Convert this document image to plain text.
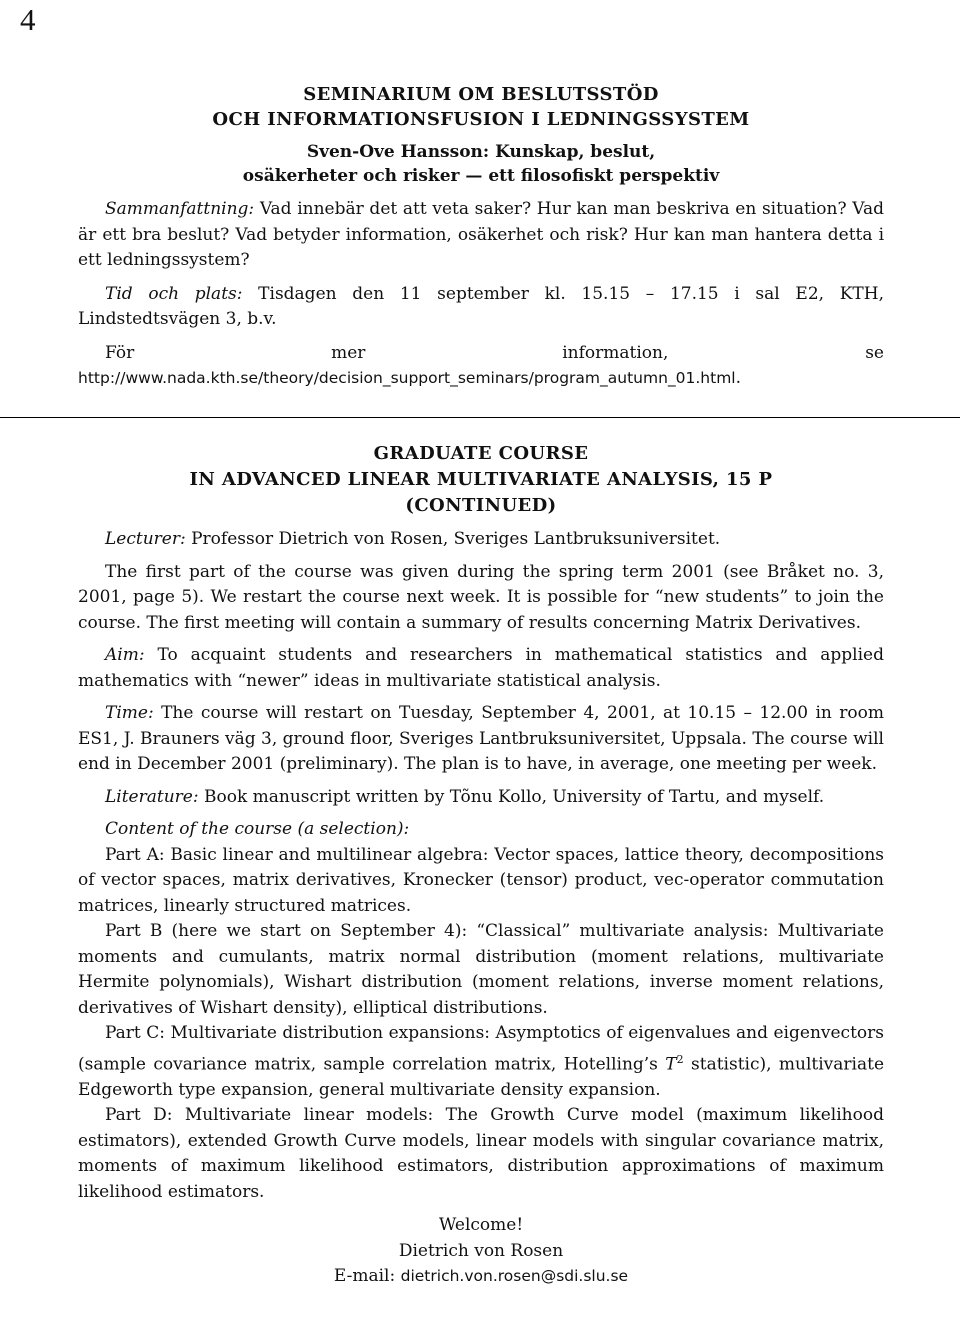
4
SEMINARIUM OM BESLUTSSTÖD
OCH INFORMATIONSFUSION I LEDNINGSSYSTEM
Sven-Ove Hansson: Kunskap, beslut,
osäkerheter och risker — ett filosofiskt perspektiv

Sammanfattning: Vad innebär det att veta saker? Hur kan man beskriva en situation? Vad är ett bra beslut? Vad betyder information, osäkerhet och risk? Hur kan man hantera detta i ett ledningssystem?

Tid och plats: Tisdagen den 11 september kl. 15.15 – 17.15 i sal E2, KTH, Lindstedtsvägen 3, b.v.

För mer information, se http://www.nada.kth.se/theory/decision_support_seminars/program_autumn_01.html.

GRADUATE COURSE
IN ADVANCED LINEAR MULTIVARIATE ANALYSIS, 15 P
(CONTINUED)

Lecturer: Professor Dietrich von Rosen, Sveriges Lantbruksuniversitet.

The first part of the course was given during the spring term 2001 (see Bråket no. 3, 2001, page 5). We restart the course next week. It is possible for “new students” to join the course. The first meeting will contain a summary of results concerning Matrix Derivatives.

Aim: To acquaint students and researchers in mathematical statistics and applied mathematics with “newer” ideas in multivariate statistical analysis.

Time: The course will restart on Tuesday, September 4, 2001, at 10.15 – 12.00 in room ES1, J. Brauners väg 3, ground floor, Sveriges Lantbruksuniversitet, Uppsala. The course will end in December 2001 (preliminary). The plan is to have, in average, one meeting per week.

Literature: Book manuscript written by Tõnu Kollo, University of Tartu, and myself.

Content of the course (a selection):

Part A: Basic linear and multilinear algebra: Vector spaces, lattice theory, decompositions of vector spaces, matrix derivatives, Kronecker (tensor) product, vec-operator commutation matrices, linearly structured matrices.

Part B (here we start on September 4): “Classical” multivariate analysis: Multivariate moments and cumulants, matrix normal distribution (moment relations, multivariate Hermite polynomials), Wishart distribution (moment relations, inverse moment relations, derivatives of Wishart density), elliptical distributions.

Part C: Multivariate distribution expansions: Asymptotics of eigenvalues and eigenvectors (sample covariance matrix, sample correlation matrix, Hotelling’s $T^2$ statistic), multivariate Edgeworth type expansion, general multivariate density expansion.

Part D: Multivariate linear models: The Growth Curve model (maximum likelihood estimators), extended Growth Curve models, linear models with singular covariance matrix, moments of maximum likelihood estimators, distribution approximations of maximum likelihood estimators.

Welcome!

Dietrich von Rosen

E-mail: dietrich.von.rosen@sdi.slu.se
